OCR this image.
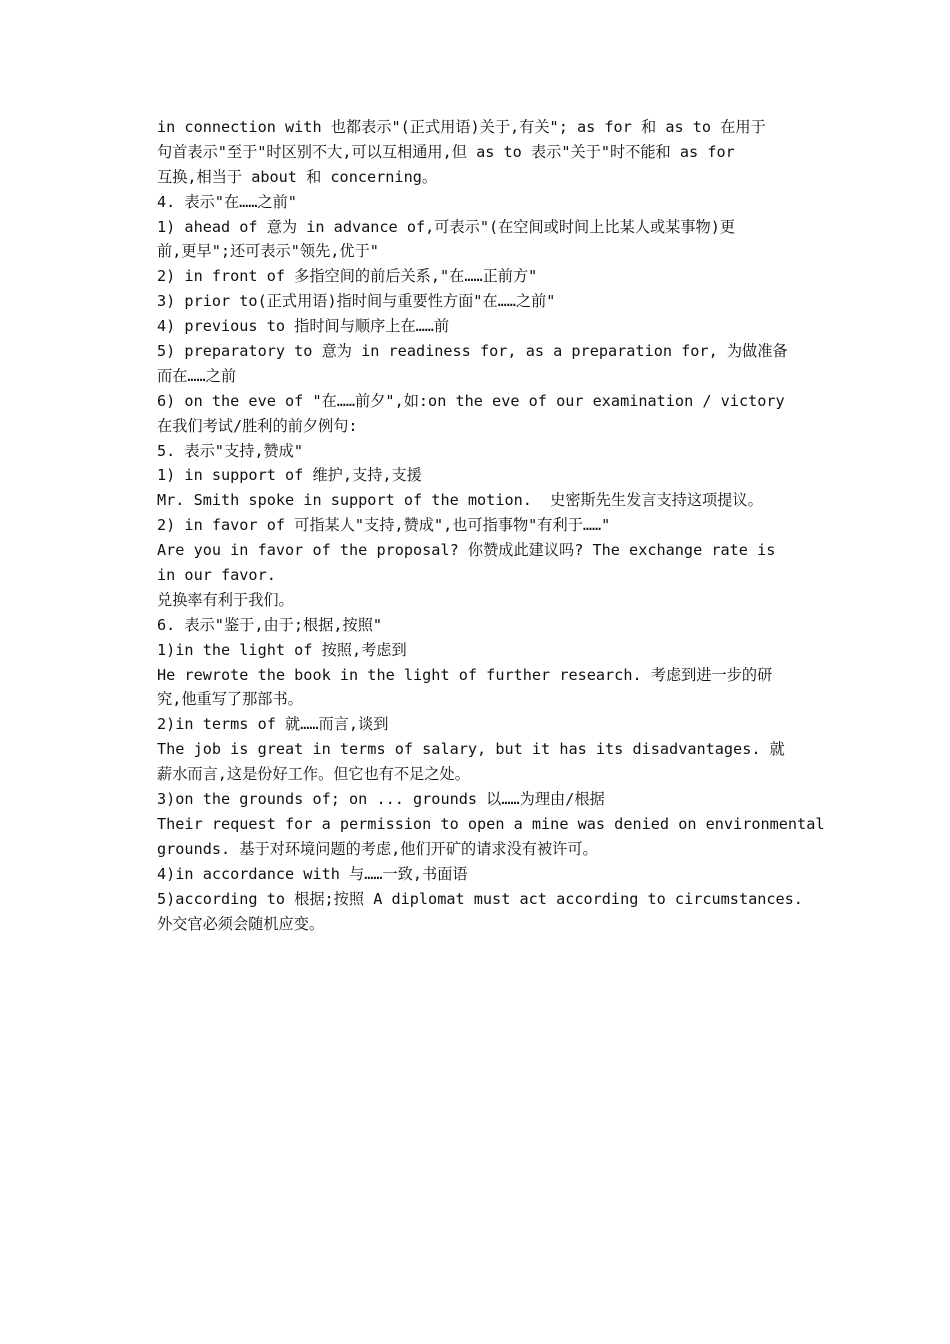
in connection with 也都表示"(正式用语)关于,有关"; as for 和 as to 在用于
句首表示"至于"时区别不大,可以互相通用,但 as to 表示"关于"时不能和 as for
互换,相当于 about 和 concerning。
4. 表示"在……之前"
1) ahead of 意为 in advance of,可表示"(在空间或时间上比某人或某事物)更
前,更早";还可表示"领先,优于"
2) in front of 多指空间的前后关系,"在……正前方"
3) prior to(正式用语)指时间与重要性方面"在……之前"
4) previous to 指时间与顺序上在……前
5) preparatory to 意为 in readiness for, as a preparation for, 为做准备
而在……之前
6) on the eve of "在……前夕",如:on the eve of our examination / victory
在我们考试/胜利的前夕例句:
5. 表示"支持,赞成"
1) in support of 维护,支持,支援
Mr. Smith spoke in support of the motion.  史密斯先生发言支持这项提议。
2) in favor of 可指某人"支持,赞成",也可指事物"有利于……"
Are you in favor of the proposal? 你赞成此建议吗? The exchange rate is
in our favor.
兑换率有利于我们。
6. 表示"鉴于,由于;根据,按照"
1)in the light of 按照,考虑到
He rewrote the book in the light of further research. 考虑到进一步的研
究,他重写了那部书。
2)in terms of 就……而言,谈到
The job is great in terms of salary, but it has its disadvantages. 就
薪水而言,这是份好工作。但它也有不足之处。
3)on the grounds of; on ... grounds 以……为理由/根据
Their request for a permission to open a mine was denied on environmental
grounds. 基于对环境问题的考虑,他们开矿的请求没有被许可。
4)in accordance with 与……一致,书面语
5)according to 根据;按照 A diplomat must act according to circumstances.
外交官必须会随机应变。
